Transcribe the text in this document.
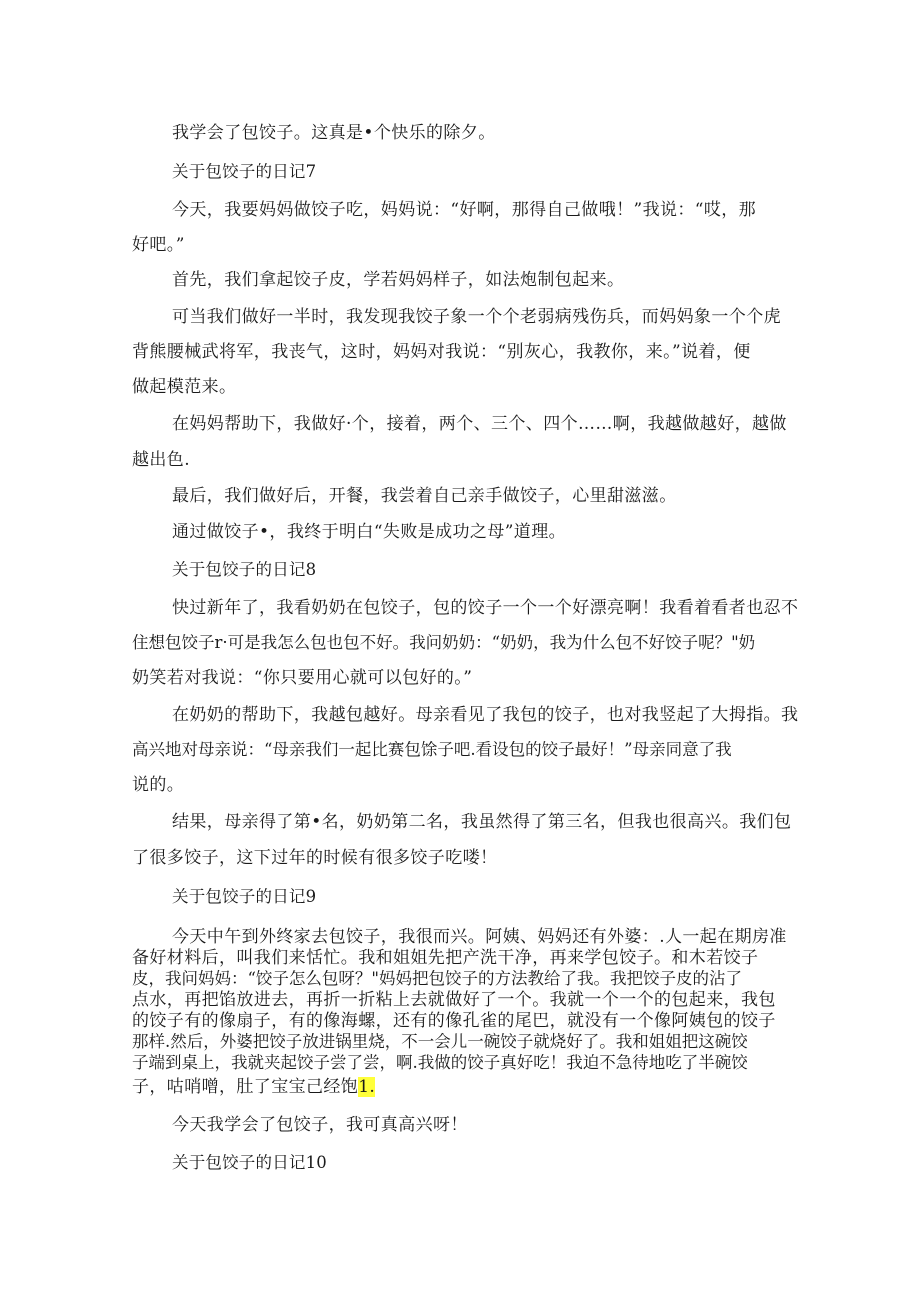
我学会了包饺子。这真是•个快乐的除夕。

关于包饺子的日记7

今天，我要妈妈做饺子吃，妈妈说：“好啊，那得自己做哦！”我说：“哎，那

好吧。”

首先，我们拿起饺子皮，学若妈妈样子，如法炮制包起来。

可当我们做好一半时，我发现我饺子象一个个老弱病残伤兵，而妈妈象一个个虎

背熊腰械武将军，我丧气，这时，妈妈对我说：“别灰心，我教你，来。”说着，便

做起模范来。

在妈妈帮助下，我做好·个，接着，两个、三个、四个……啊，我越做越好，越做

越出色.

最后，我们做好后，开餐，我尝着自己亲手做饺子，心里甜滋滋。

通过做饺子•，我终于明白“失败是成功之母”道理。

关于包饺子的日记8

快过新年了，我看奶奶在包饺子，包的饺子一个一个好漂亮啊！我看着看者也忍不

住想包饺子r·可是我怎么包也包不好。我问奶奶：“奶奶，我为什么包不好饺子呢？"奶

奶笑若对我说：“你只要用心就可以包好的。”

在奶奶的帮助下，我越包越好。母亲看见了我包的饺子，也对我竖起了大拇指。我

高兴地对母亲说：“母亲我们一起比赛包馀子吧.看设包的饺子最好！”母亲同意了我

说的。

结果，母亲得了第•名，奶奶第二名，我虽然得了第三名，但我也很高兴。我们包

了很多饺子，这下过年的时候有很多饺子吃喽！

关于包饺子的日记9

今天中午到外终家去包饺子，我很而兴。阿姨、妈妈还有外婆：.人一起在期房准

备好材料后，叫我们来恬忙。我和姐姐先把产洗干净，再来学包饺子。和木若饺子

皮，我问妈妈：“饺子怎么包呀？"妈妈把包饺子的方法教给了我。我把饺子皮的沾了

点水，再把馅放进去，再折一折粘上去就做好了一个。我就一个一个的包起来，我包

的饺子有的像扇子，有的像海螺，还有的像孔雀的尾巴，就没有一个像阿姨包的饺子

那样.然后，外婆把饺子放进锅里烧，不一会儿一碗饺子就烧好了。我和姐姐把这碗饺

子端到桌上，我就夹起饺子尝了尝，啊.我做的饺子真好吃！我迫不急待地吃了半碗饺

子，咕哨噌，肚了宝宝己经饱1.

今天我学会了包饺子，我可真高兴呀！

关于包饺子的日记10
